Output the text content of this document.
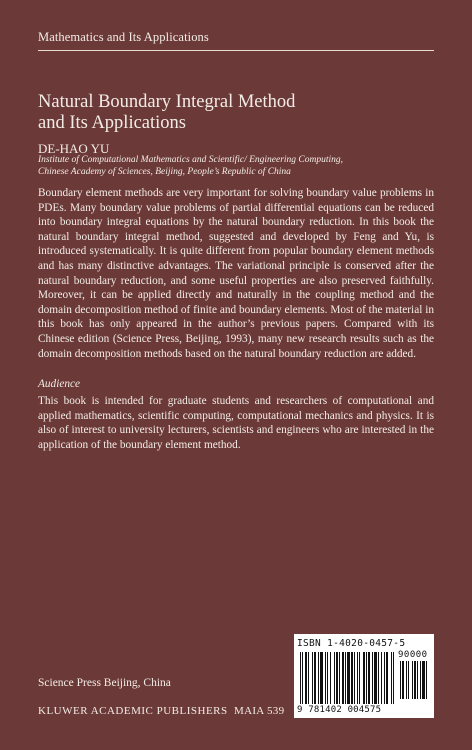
Mathematics and Its Applications
Natural Boundary Integral Method
and Its Applications
DE-HAO YU
Institute of Computational Mathematics and Scientific/ Engineering Computing,
Chinese Academy of Sciences, Beijing, People’s Republic of China
Boundary element methods are very important for solving boundary value problems in PDEs. Many boundary value problems of partial differential equations can be reduced into boundary integral equations by the natural boundary reduction. In this book the natural boundary integral method, suggested and developed by Feng and Yu, is introduced systematically. It is quite different from popular boundary element methods and has many distinctive advantages. The variational principle is conserved after the natural boundary reduction, and some useful properties are also preserved faithfully. Moreover, it can be applied directly and naturally in the coupling method and the domain decomposition method of finite and boundary elements. Most of the material in this book has only appeared in the author’s previous papers. Compared with its Chinese edition (Science Press, Beijing, 1993), many new research results such as the domain decomposition methods based on the natural boundary reduction are added.
Audience
This book is intended for graduate students and researchers of computational and applied mathematics, scientific computing, computational mechanics and physics. It is also of interest to university lecturers, scientists and engineers who are interested in the application of the boundary element method.
ISBN 1-4020-0457-5
90000
9 781402 004575
Science Press Beijing, China
KLUWER ACADEMIC PUBLISHERS MAIA 539
